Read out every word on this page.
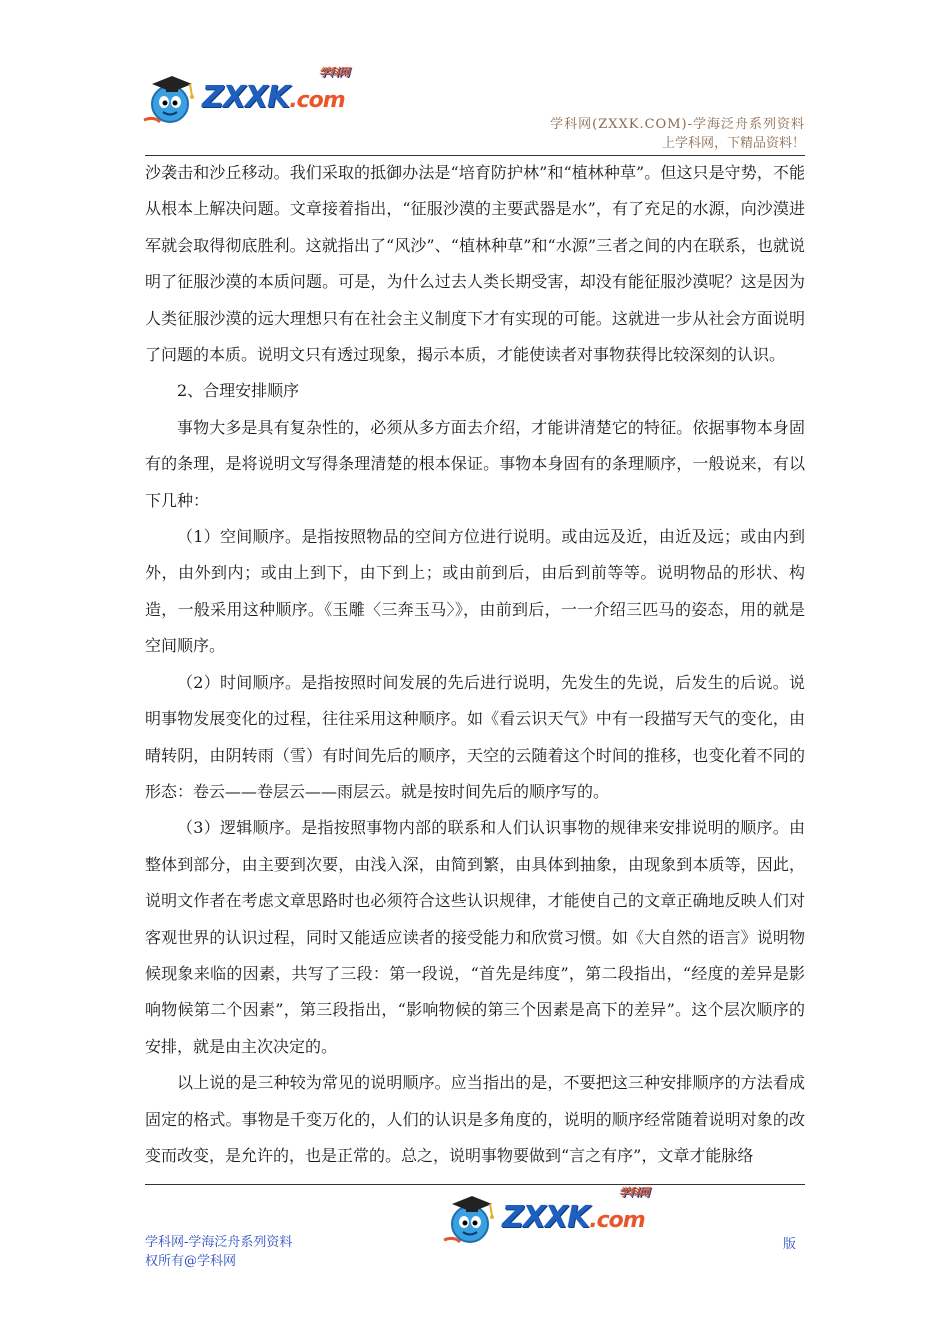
ZXXK.com
学科网
学科网(ZXXK.COM)-学海泛舟系列资料
上学科网，下精品资料！

沙袭击和沙丘移动。我们采取的抵御办法是“培育防护林”和“植林种草”。但这只是守势，不能从根本上解决问题。文章接着指出，“征服沙漠的主要武器是水”，有了充足的水源，向沙漠进军就会取得彻底胜利。这就指出了“风沙”、“植林种草”和“水源”三者之间的内在联系，也就说明了征服沙漠的本质问题。可是，为什么过去人类长期受害，却没有能征服沙漠呢？这是因为人类征服沙漠的远大理想只有在社会主义制度下才有实现的可能。这就进一步从社会方面说明了问题的本质。说明文只有透过现象，揭示本质，才能使读者对事物获得比较深刻的认识。

2、合理安排顺序

事物大多是具有复杂性的，必须从多方面去介绍，才能讲清楚它的特征。依据事物本身固有的条理，是将说明文写得条理清楚的根本保证。事物本身固有的条理顺序，一般说来，有以下几种：

（1）空间顺序。是指按照物品的空间方位进行说明。或由远及近，由近及远；或由内到外，由外到内；或由上到下，由下到上；或由前到后，由后到前等等。说明物品的形状、构造，一般采用这种顺序。《玉雕〈三奔玉马〉》，由前到后，一一介绍三匹马的姿态，用的就是空间顺序。

（2）时间顺序。是指按照时间发展的先后进行说明，先发生的先说，后发生的后说。说明事物发展变化的过程，往往采用这种顺序。如《看云识天气》中有一段描写天气的变化，由晴转阴，由阴转雨（雪）有时间先后的顺序，天空的云随着这个时间的推移，也变化着不同的形态：卷云——卷层云——雨层云。就是按时间先后的顺序写的。

（3）逻辑顺序。是指按照事物内部的联系和人们认识事物的规律来安排说明的顺序。由整体到部分，由主要到次要，由浅入深，由简到繁，由具体到抽象，由现象到本质等，因此，说明文作者在考虑文章思路时也必须符合这些认识规律，才能使自己的文章正确地反映人们对客观世界的认识过程，同时又能适应读者的接受能力和欣赏习惯。如《大自然的语言》说明物候现象来临的因素，共写了三段：第一段说，“首先是纬度”，第二段指出，“经度的差异是影响物候第二个因素”，第三段指出，“影响物候的第三个因素是高下的差异”。这个层次顺序的安排，就是由主次决定的。

以上说的是三种较为常见的说明顺序。应当指出的是，不要把这三种安排顺序的方法看成固定的格式。事物是千变万化的，人们的认识是多角度的，说明的顺序经常随着说明对象的改变而改变，是允许的，也是正常的。总之，说明事物要做到“言之有序”，文章才能脉络

ZXXK.com
学科网
学科网-学海泛舟系列资料
权所有@学科网
版
